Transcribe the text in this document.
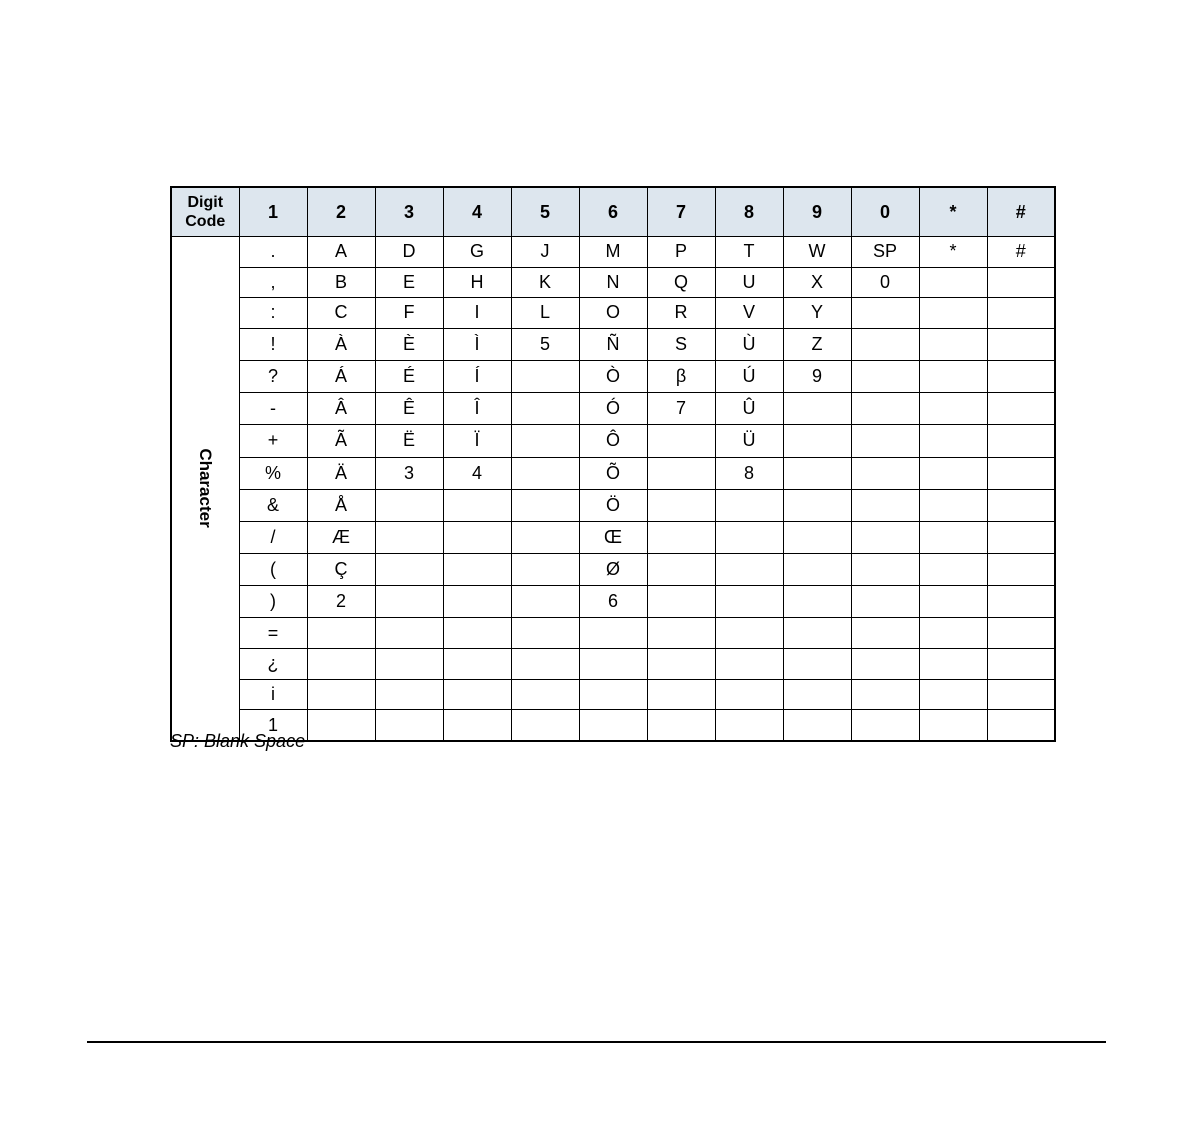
Digit
Code	1	2	3	4	5	6	7	8	9	0	*	#

Character	.	A	D	G	J	M	P	T	W	SP	*	#
	,	B	E	H	K	N	Q	U	X	0		
	:	C	F	I	L	O	R	V	Y			
	!	À	È	Ì	5	Ñ	S	Ù	Z			
	?	Á	É	Í		Ò	β	Ú	9			
	-	Â	Ê	Î		Ó	7	Û				
	+	Ã	Ë	Ï		Ô		Ü				
	%	Ä	3	4		Õ		8				
	&	Å				Ö						
	/	Æ				Œ						
	(	Ç				Ø						
	)	2				6						
	=											
	¿											
	i											
	1											
SP: Blank Space
